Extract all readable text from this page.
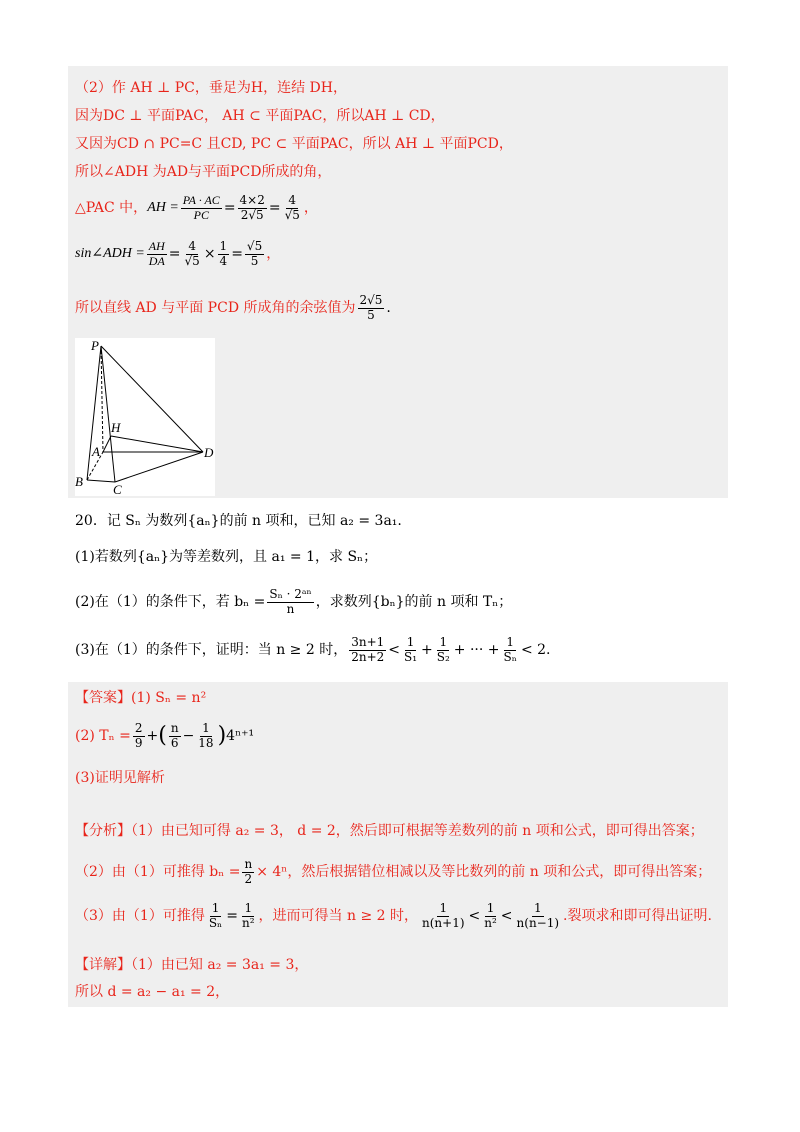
（2）作 AH ⊥ PC，垂足为H，连结 DH，
因为DC ⊥ 平面PAC， AH ⊂ 平面PAC，所以AH ⊥ CD，
又因为CD ∩ PC=C 且CD, PC ⊂ 平面PAC，所以 AH ⊥ 平面PCD，
所以∠ADH 为AD与平面PCD所成的角，
△PAC 中， AH = $\frac{PA \cdot AC}{PC} = \frac{4\times 2}{2√5} = \frac{4}{√5}$ ，
sin∠ADH = $\frac{AH}{DA} = \frac{4}{√5} \times \frac{1}{4} = \frac{√5}{5}$ ，
所以直线 AD 与平面 PCD 所成角的余弦值为 $\frac{2√5}{5}$ .
P
H
A	D
B
C
20．记 Sₙ 为数列{aₙ}的前 n 项和，已知 a₂ = 3a₁.
(1)若数列{aₙ}为等差数列，且 a₁ = 1，求 Sₙ；
(2)在（1）的条件下，若 $b_n = \frac{\text{Sₙ · 2ᵃⁿ}}{n}$ ，求数列{bₙ}的前 n 项和 Tₙ；
(3)在（1）的条件下，证明：当 n ≥ 2 时， $\frac{3n+1}{2n+2} < \frac{1}{\text{S₁}} + \frac{1}{\text{S₂}}$ + ··· + $\frac{1}{\text{Sₙ}} < 2$.
【答案】(1) Sₙ = n²
(2) $T_n = \frac{2}{9}$ + ( $\frac{n}{6} - \frac{1}{18}$ ) 4ⁿ⁺¹
(3)证明见解析
【分析】（1）由已知可得 a₂ = 3， d = 2，然后即可根据等差数列的前 n 项和公式，即可得出答案；
（2）由（1）可推得 $b_n = \frac{n}{2} \times 4^n$，然后根据错位相减以及等比数列的前 n 项和公式，即可得出答案；
（3）由（1）可推得 $\frac{1}{\text{Sₙ}} = \frac{1}{\text{n²}}$ ，进而可得当 n ≥ 2 时， $\frac{1}{n(n+1)} < \frac{1}{\text{n²}} < \frac{1}{n(n-1)}$ .裂项求和即可得出证明.
【详解】（1）由已知 a₂ = 3a₁ = 3，
所以 d = a₂ − a₁ = 2，
